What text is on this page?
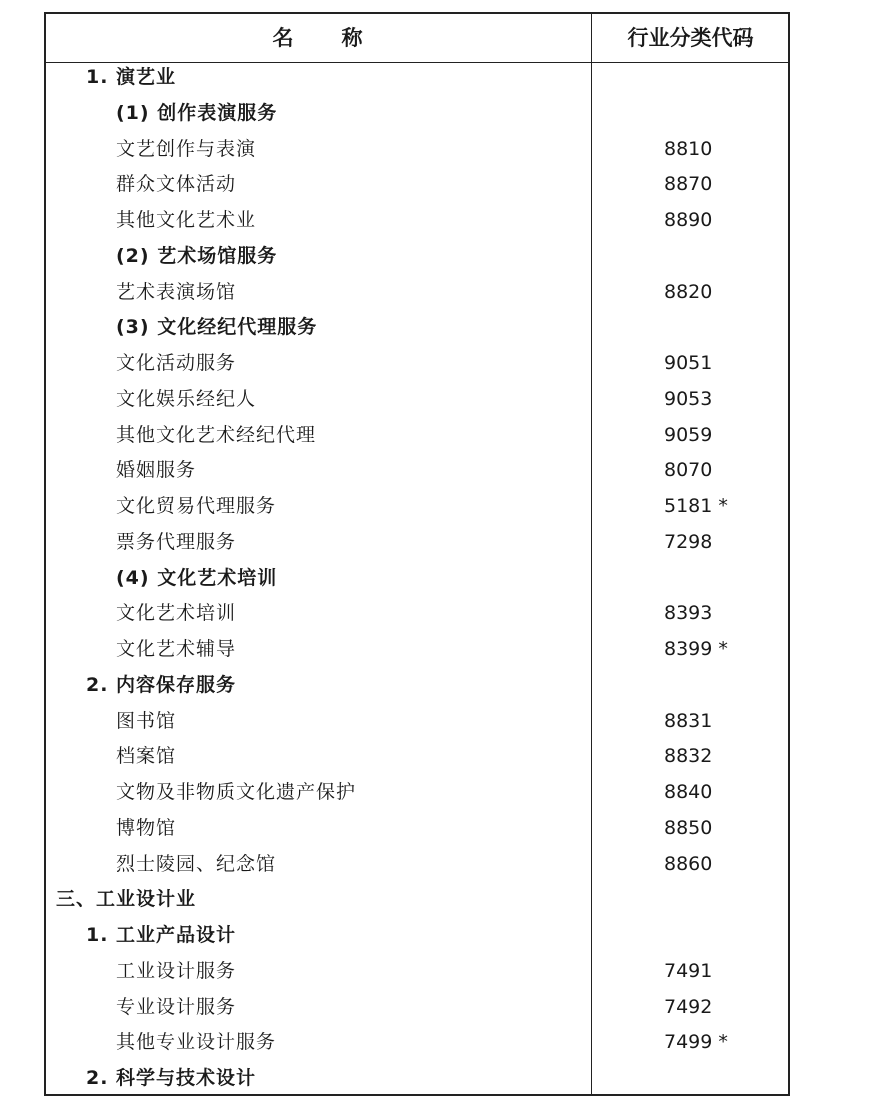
名　　称	行业分类代码
1. 演艺业
(1) 创作表演服务
文艺创作与表演	8810
群众文体活动	8870
其他文化艺术业	8890
(2) 艺术场馆服务
艺术表演场馆	8820
(3) 文化经纪代理服务
文化活动服务	9051
文化娱乐经纪人	9053
其他文化艺术经纪代理	9059
婚姻服务	8070
文化贸易代理服务	5181 *
票务代理服务	7298
(4) 文化艺术培训
文化艺术培训	8393
文化艺术辅导	8399 *
2. 内容保存服务
图书馆	8831
档案馆	8832
文物及非物质文化遗产保护	8840
博物馆	8850
烈士陵园、纪念馆	8860
三、工业设计业
1. 工业产品设计
工业设计服务	7491
专业设计服务	7492
其他专业设计服务	7499 *
2. 科学与技术设计
